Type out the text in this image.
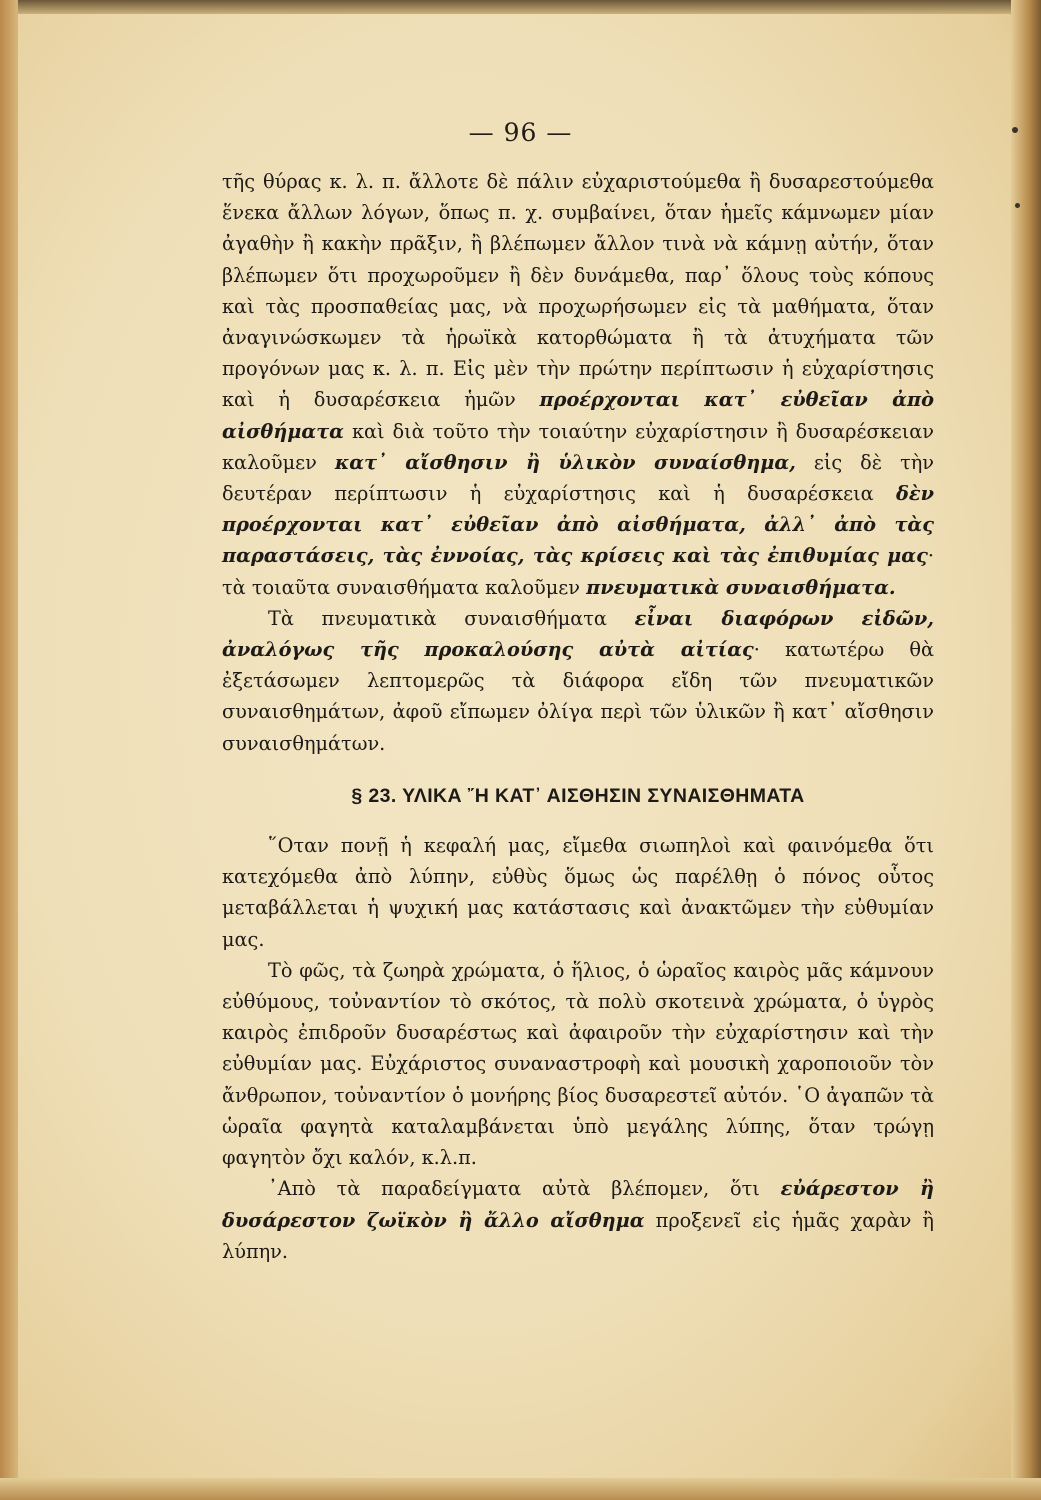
— 96 —

τῆς θύρας κ. λ. π. ἄλλοτε δὲ πάλιν εὐχαριστούμεθα ἢ δυσαρεστούμεθα ἕνεκα ἄλλων λόγων, ὅπως π. χ. συμβαίνει, ὅταν ἡμεῖς κάμνωμεν μίαν ἀγαθὴν ἢ κακὴν πρᾶξιν, ἢ βλέπωμεν ἄλλον τινὰ νὰ κάμνῃ αὐτήν, ὅταν βλέπωμεν ὅτι προχωροῦμεν ἢ δὲν δυνάμεθα, παρ᾽ ὅλους τοὺς κόπους καὶ τὰς προσπαθείας μας, νὰ προχωρήσωμεν εἰς τὰ μαθήματα, ὅταν ἀναγινώσκωμεν τὰ ἡρωϊκὰ κατορθώματα ἢ τὰ ἀτυχήματα τῶν προγόνων μας κ. λ. π. Εἰς μὲν τὴν πρώτην περίπτωσιν ἡ εὐχαρίστησις καὶ ἡ δυσαρέσκεια ἡμῶν προέρχονται κατ᾽ εὐθεῖαν ἀπὸ αἰσθήματα καὶ διὰ τοῦτο τὴν τοιαύτην εὐχαρίστησιν ἢ δυσαρέσκειαν καλοῦμεν κατ᾽ αἴσθησιν ἢ ὑλικὸν συναίσθημα, εἰς δὲ τὴν δευτέραν περίπτωσιν ἡ εὐχαρίστησις καὶ ἡ δυσαρέσκεια δὲν προέρχονται κατ᾽ εὐθεῖαν ἀπὸ αἰσθήματα, ἀλλ᾽ ἀπὸ τὰς παραστάσεις, τὰς ἐννοίας, τὰς κρίσεις καὶ τὰς ἐπιθυμίας μας· τὰ τοιαῦτα συναισθήματα καλοῦμεν πνευματικὰ συναισθήματα.

Τὰ πνευματικὰ συναισθήματα εἶναι διαφόρων εἰδῶν, ἀναλόγως τῆς προκαλούσης αὐτὰ αἰτίας· κατωτέρω θὰ ἐξετάσωμεν λεπτομερῶς τὰ διάφορα εἴδη τῶν πνευματικῶν συναισθημάτων, ἀφοῦ εἴπωμεν ὀλίγα περὶ τῶν ὑλικῶν ἢ κατ᾽ αἴσθησιν συναισθημάτων.

§ 23. ΥΛΙΚΑ ῎Η ΚΑΤ᾽ ΑΙΣΘΗΣΙΝ ΣΥΝΑΙΣΘΗΜΑΤΑ

῞Οταν πονῇ ἡ κεφαλή μας, εἴμεθα σιωπηλοὶ καὶ φαινόμεθα ὅτι κατεχόμεθα ἀπὸ λύπην, εὐθὺς ὅμως ὡς παρέλθῃ ὁ πόνος οὗτος μεταβάλλεται ἡ ψυχική μας κατάστασις καὶ ἀνακτῶμεν τὴν εὐθυμίαν μας.

Τὸ φῶς, τὰ ζωηρὰ χρώματα, ὁ ἥλιος, ὁ ὡραῖος καιρὸς μᾶς κάμνουν εὐθύμους, τοὐναντίον τὸ σκότος, τὰ πολὺ σκοτεινὰ χρώματα, ὁ ὑγρὸς καιρὸς ἐπιδροῦν δυσαρέστως καὶ ἀφαιροῦν τὴν εὐχαρίστησιν καὶ τὴν εὐθυμίαν μας. Εὐχάριστος συναναστροφὴ καὶ μουσικὴ χαροποιοῦν τὸν ἄνθρωπον, τοὐναντίον ὁ μονήρης βίος δυσαρεστεῖ αὐτόν. ῾Ο ἀγαπῶν τὰ ὡραῖα φαγητὰ καταλαμβάνεται ὑπὸ μεγάλης λύπης, ὅταν τρώγῃ φαγητὸν ὄχι καλόν, κ.λ.π.

᾽Απὸ τὰ παραδείγματα αὐτὰ βλέπομεν, ὅτι εὐάρεστον ἢ δυσάρεστον ζωϊκὸν ἢ ἄλλο αἴσθημα προξενεῖ εἰς ἡμᾶς χαρὰν ἢ λύπην.
